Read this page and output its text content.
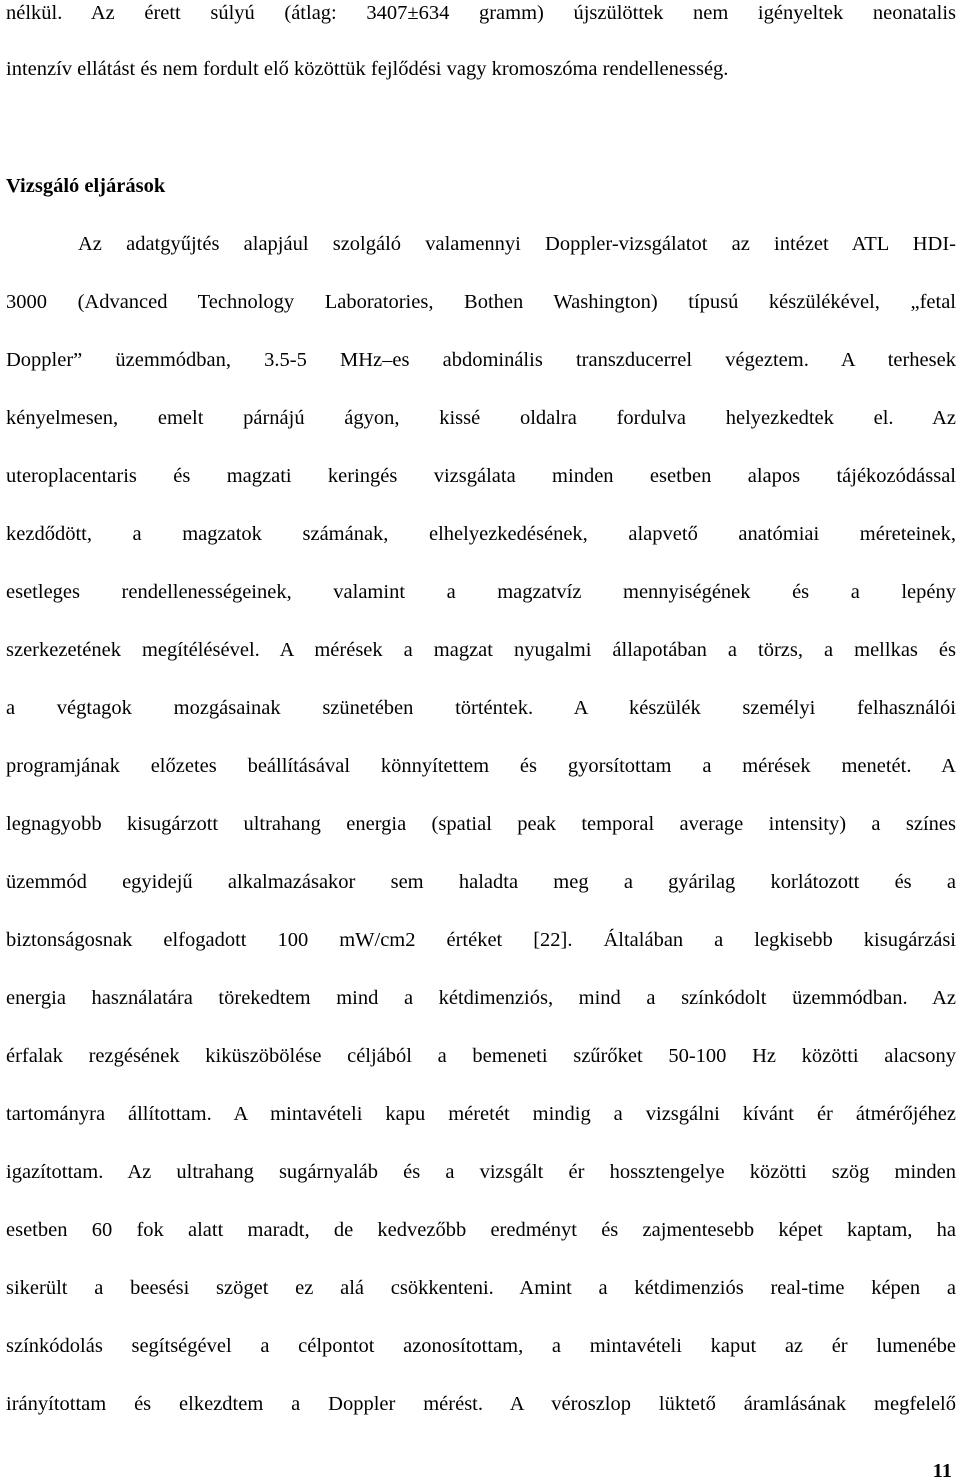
nélkül. Az érett súlyú (átlag: 3407±634 gramm) újszülöttek nem igényeltek neonatalis

intenzív ellátást és nem fordult elő közöttük fejlődési vagy kromoszóma rendellenesség.

Vizsgáló eljárások

Az adatgyűjtés alapjául szolgáló valamennyi Doppler-vizsgálatot az intézet ATL HDI-

3000 (Advanced Technology Laboratories, Bothen Washington) típusú készülékével, „fetal

Doppler” üzemmódban, 3.5-5 MHz–es abdominális transzducerrel végeztem. A terhesek

kényelmesen, emelt párnájú ágyon, kissé oldalra fordulva helyezkedtek el. Az

uteroplacentaris és magzati keringés vizsgálata minden esetben alapos tájékozódással

kezdődött, a magzatok számának, elhelyezkedésének, alapvető anatómiai méreteinek,

esetleges rendellenességeinek, valamint a magzatvíz mennyiségének és a lepény

szerkezetének megítélésével. A mérések a magzat nyugalmi állapotában a törzs, a mellkas és

a végtagok mozgásainak szünetében történtek. A készülék személyi felhasználói

programjának előzetes beállításával könnyítettem és gyorsítottam a mérések menetét. A

legnagyobb kisugárzott ultrahang energia (spatial peak temporal average intensity) a színes

üzemmód egyidejű alkalmazásakor sem haladta meg a gyárilag korlátozott és a

biztonságosnak elfogadott 100 mW/cm2 értéket [22]. Általában a legkisebb kisugárzási

energia használatára törekedtem mind a kétdimenziós, mind a színkódolt üzemmódban. Az

érfalak rezgésének kiküszöbölése céljából a bemeneti szűrőket 50-100 Hz közötti alacsony

tartományra állítottam. A mintavételi kapu méretét mindig a vizsgálni kívánt ér átmérőjéhez

igazítottam. Az ultrahang sugárnyaláb és a vizsgált ér hossztengelye közötti szög minden

esetben 60 fok alatt maradt, de kedvezőbb eredményt és zajmentesebb képet kaptam, ha

sikerült a beesési szöget ez alá csökkenteni. Amint a kétdimenziós real-time képen a

színkódolás segítségével a célpontot azonosítottam, a mintavételi kaput az ér lumenébe

irányítottam és elkezdtem a Doppler mérést. A véroszlop lüktető áramlásának megfelelő

11
